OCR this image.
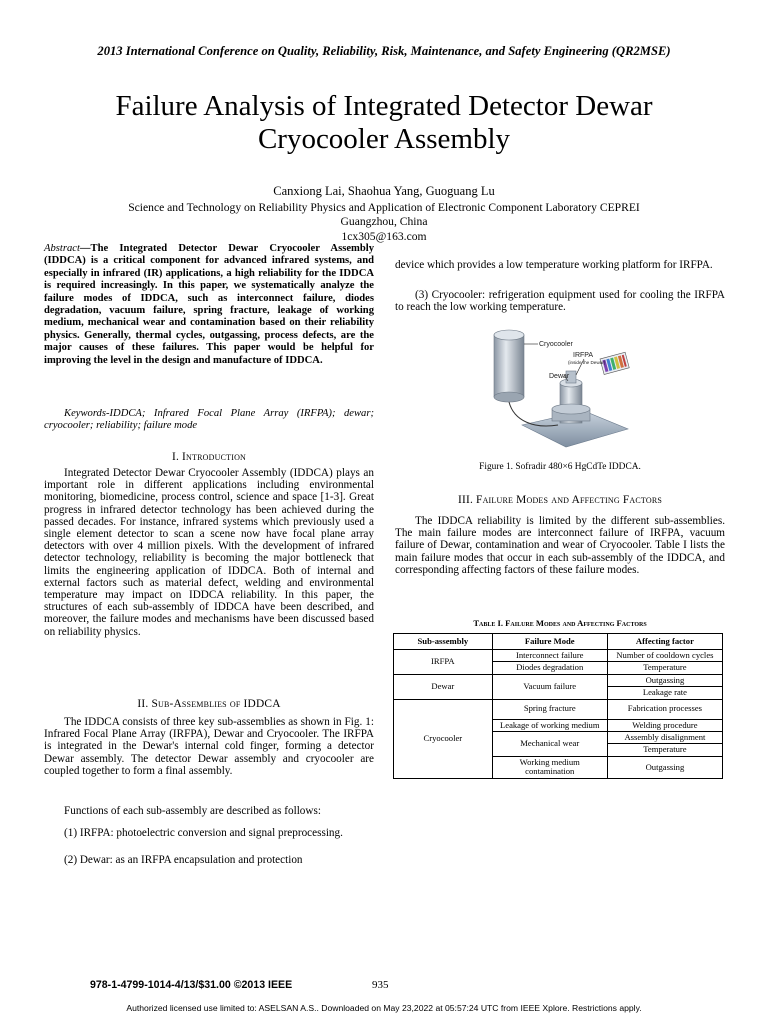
2013 International Conference on Quality, Reliability, Risk, Maintenance, and Safety Engineering (QR2MSE)
Failure Analysis of Integrated Detector Dewar Cryocooler Assembly
Canxiong Lai, Shaohua Yang, Guoguang Lu
Science and Technology on Reliability Physics and Application of Electronic Component Laboratory CEPREI
Guangzhou, China
1cx305@163.com
Abstract—The Integrated Detector Dewar Cryocooler Assembly (IDDCA) is a critical component for advanced infrared systems, and especially in infrared (IR) applications, a high reliability for the IDDCA is required increasingly. In this paper, we systematically analyze the failure modes of IDDCA, such as interconnect failure, diodes degradation, vacuum failure, spring fracture, leakage of working medium, mechanical wear and contamination based on their reliability physics. Generally, thermal cycles, outgassing, process defects, are the major causes of these failures. This paper would be helpful for improving the level in the design and manufacture of IDDCA.
Keywords-IDDCA; Infrared Focal Plane Array (IRFPA); dewar; cryocooler; reliability; failure mode
I. Introduction
Integrated Detector Dewar Cryocooler Assembly (IDDCA) plays an important role in different applications including environmental monitoring, biomedicine, process control, science and space [1-3]. Great progress in infrared detector technology has been achieved during the passed decades. For instance, infrared systems which previously used a single element detector to scan a scene now have focal plane array detectors with over 4 million pixels. With the development of infrared detector technology, reliability is becoming the major bottleneck that limits the engineering application of IDDCA. Both of internal and external factors such as material defect, welding and environmental temperature may impact on IDDCA reliability. In this paper, the structures of each sub-assembly of IDDCA have been described, and moreover, the failure modes and mechanisms have been discussed based on reliability physics.
II. Sub-Assemblies of IDDCA
The IDDCA consists of three key sub-assemblies as shown in Fig. 1: Infrared Focal Plane Array (IRFPA), Dewar and Cryocooler. The IRFPA is integrated in the Dewar's internal cold finger, forming a detector Dewar assembly. The detector Dewar assembly and cryocooler are coupled together to form a final assembly.
Functions of each sub-assembly are described as follows:
(1) IRFPA: photoelectric conversion and signal preprocessing.
(2) Dewar: as an IRFPA encapsulation and protection
device which provides a low temperature working platform for IRFPA.
(3) Cryocooler: refrigeration equipment used for cooling the IRFPA to reach the low working temperature.
Cryocooler
IRFPA
(inside the Dewar)
Dewar
Figure 1. Sofradir 480×6 HgCdTe IDDCA.
III. Failure Modes and Affecting Factors
The IDDCA reliability is limited by the different sub-assemblies. The main failure modes are interconnect failure of IRFPA, vacuum failure of Dewar, contamination and wear of Cryocooler. Table I lists the main failure modes that occur in each sub-assembly of the IDDCA, and corresponding affecting factors of these failure modes.
Table I. Failure Modes and Affecting Factors
Sub-assembly	Failure Mode	Affecting factor
IRFPA	Interconnect failure	Number of cooldown cycles
	Diodes degradation	Temperature
Dewar	Vacuum failure	Outgassing
		Leakage rate
Cryocooler	Spring fracture	Fabrication processes
	Leakage of working medium	Welding procedure
	Mechanical wear	Assembly disalignment
		Temperature
	Working medium contamination	Outgassing
978-1-4799-1014-4/13/$31.00 ©2013 IEEE	935
Authorized licensed use limited to: ASELSAN A.S.. Downloaded on May 23,2022 at 05:57:24 UTC from IEEE Xplore. Restrictions apply.
